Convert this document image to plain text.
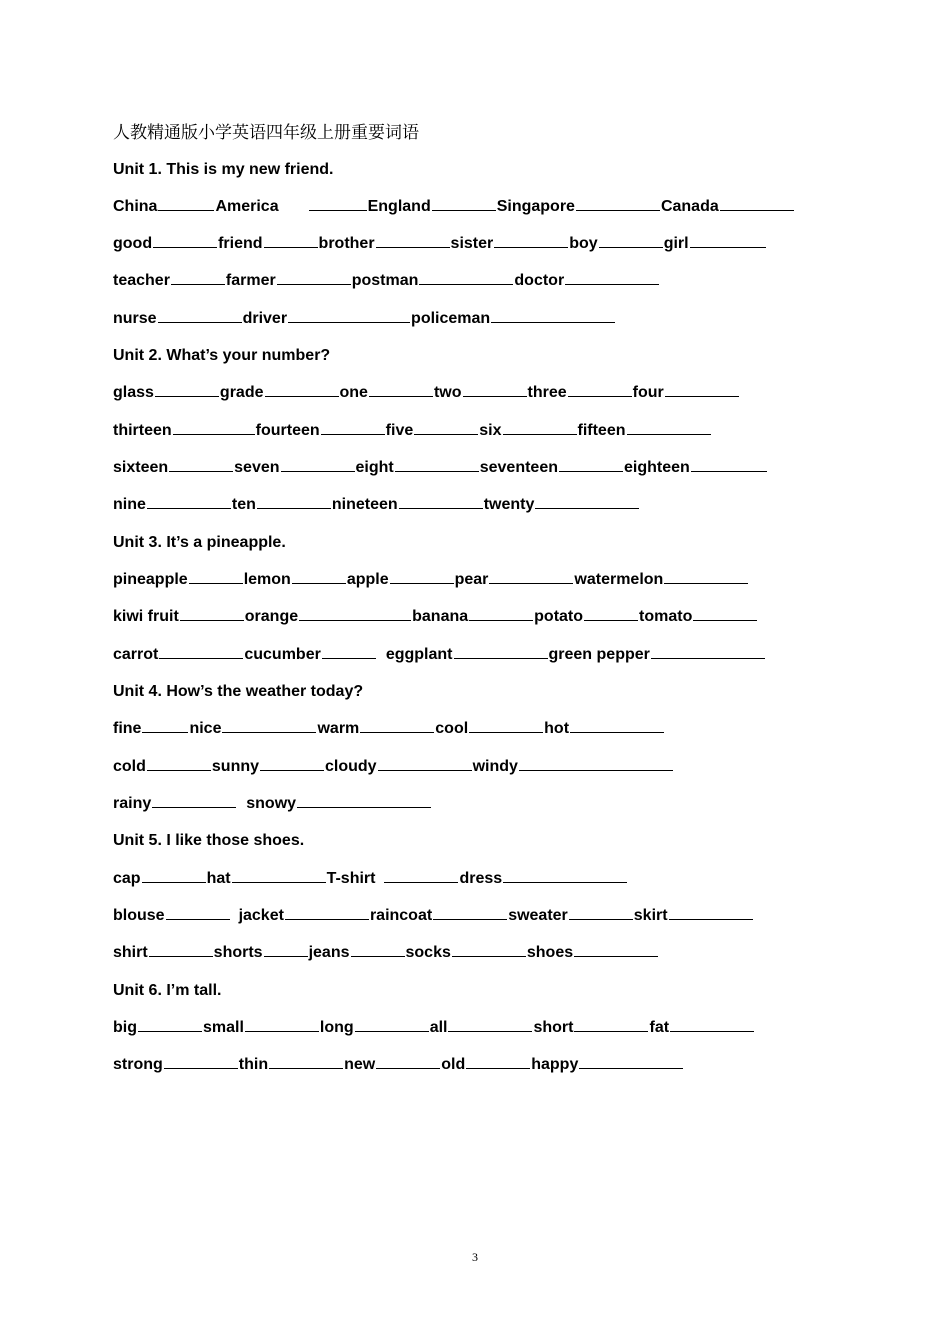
人教精通版小学英语四年级上册重要词语
Unit 1. This is my new friend.
China	America	England	Singapore	Canada
good	friend	brother	sister	boy	girl
teacher	farmer	postman	doctor
nurse	driver	policeman
Unit 2. What’s your number?
glass	grade	one	two	three	four
thirteen	fourteen	five	six	fifteen
sixteen	seven	eight	seventeen	eighteen
nine	ten	nineteen	twenty
Unit 3. It’s a pineapple.
pineapple	lemon	apple	pear	watermelon
kiwi fruit	orange	banana	potato	tomato
carrot	cucumber	eggplant	green pepper
Unit 4. How’s the weather today?
fine	nice	warm	cool	hot
cold	sunny	cloudy	windy
rainy	snowy
Unit 5. I like those shoes.
cap	hat	T-shirt	dress
blouse	jacket	raincoat	sweater	skirt
shirt	shorts	jeans	socks	shoes
Unit 6. I’m tall.
big	small	long	all	short	fat
strong	thin	new	old	happy
3
